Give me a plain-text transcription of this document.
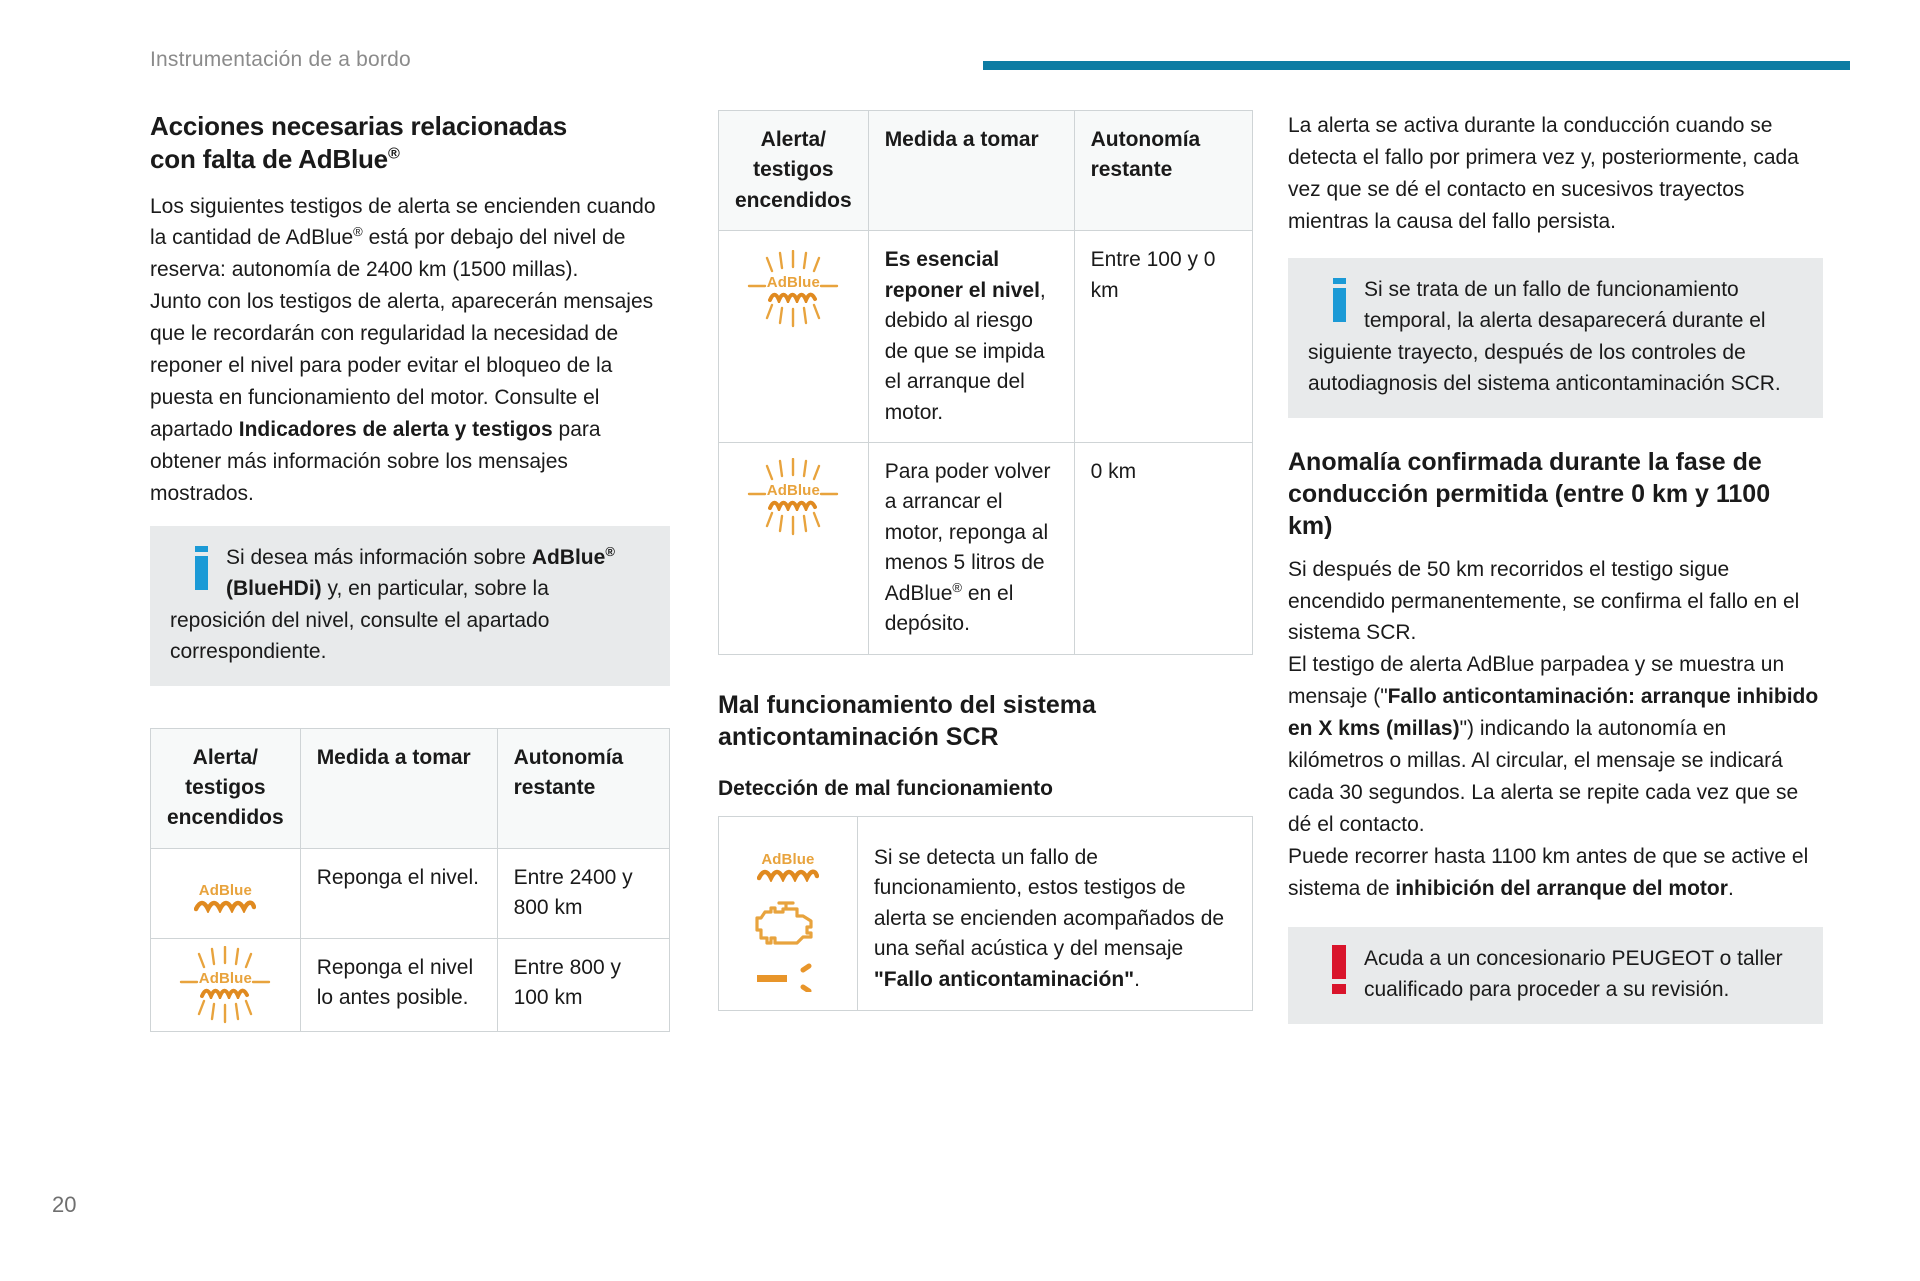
Instrumentación de a bordo
Acciones necesarias relacionadas
con falta de AdBlue®

Los siguientes testigos de alerta se encienden cuando la cantidad de AdBlue® está por debajo del nivel de reserva: autonomía de 2400 km (1500 millas).

Junto con los testigos de alerta, aparecerán mensajes que le recordarán con regularidad la necesidad de reponer el nivel para poder evitar el bloqueo de la puesta en funcionamiento del motor. Consulte el apartado Indicadores de alerta y testigos para obtener más información sobre los mensajes mostrados.

Si desea más información sobre AdBlue® (BlueHDi) y, en particular, sobre la reposición del nivel, consulte el apartado correspondiente.
Alerta/ testigos encendidos	Medida a tomar	Autonomía restante

AdBlue	Reponga el nivel.	Entre 2400 y 800 km

AdBlue	Reponga el nivel lo antes posible.	Entre 800 y 100 km
Alerta/ testigos encendidos	Medida a tomar	Autonomía restante

AdBlue	Es esencial reponer el nivel, debido al riesgo de que se impida el arranque del motor.	Entre 100 y 0 km

AdBlue	Para poder volver a arrancar el motor, reponga al menos 5 litros de AdBlue® en el depósito.	0 km
Mal funcionamiento del sistema
anticontaminación SCR
Detección de mal funcionamiento
AdBlue	Si se detecta un fallo de funcionamiento, estos testigos de alerta se encienden acompañados de una señal acústica y del mensaje "Fallo anticontaminación".

La alerta se activa durante la conducción cuando se detecta el fallo por primera vez y, posteriormente, cada vez que se dé el contacto en sucesivos trayectos mientras la causa del fallo persista.

Si se trata de un fallo de funcionamiento temporal, la alerta desaparecerá durante el siguiente trayecto, después de los controles de autodiagnosis del sistema anticontaminación SCR.
Anomalía confirmada durante la fase de
conducción permitida (entre 0 km y 1100
km)

Si después de 50 km recorridos el testigo sigue encendido permanentemente, se confirma el fallo en el sistema SCR.

El testigo de alerta AdBlue parpadea y se muestra un mensaje ("Fallo anticontaminación: arranque inhibido en X kms (millas)") indicando la autonomía en kilómetros o millas. Al circular, el mensaje se indicará cada 30 segundos. La alerta se repite cada vez que se dé el contacto.

Puede recorrer hasta 1100 km antes de que se active el sistema de inhibición del arranque del motor.

Acuda a un concesionario PEUGEOT o taller cualificado para proceder a su revisión.
20
